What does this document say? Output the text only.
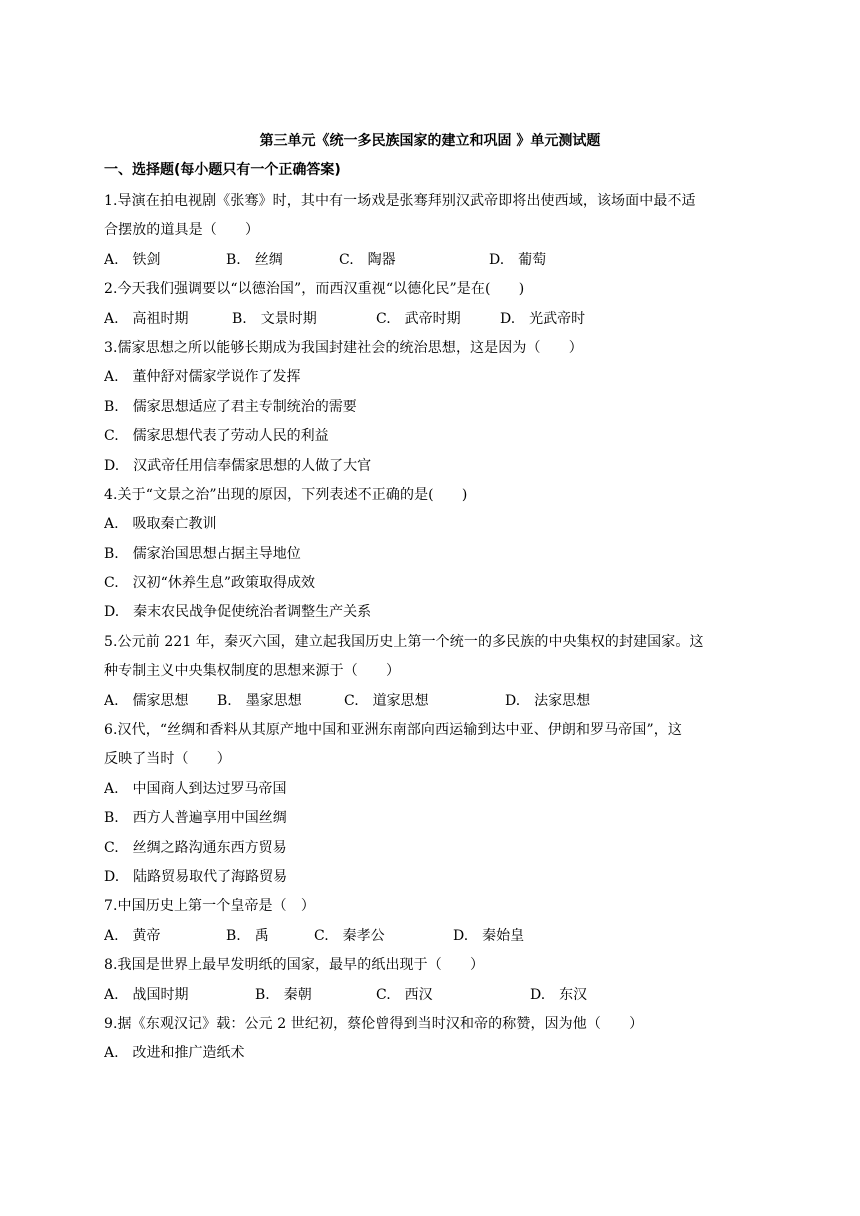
第三单元《统一多民族国家的建立和巩固 》单元测试题
一、选择题(每小题只有一个正确答案)
1.导演在拍电视剧《张骞》时，其中有一场戏是张骞拜别汉武帝即将出使西域，该场面中最不适
合摆放的道具是（　　）
A.　铁剑	B.　丝绸	C.　陶器	D.　葡萄
2.今天我们强调要以“以德治国”，而西汉重视“以德化民”是在(　　)
A.　高祖时期	B.　文景时期	C.　武帝时期	D.　光武帝时
3.儒家思想之所以能够长期成为我国封建社会的统治思想，这是因为（　　）
A.　董仲舒对儒家学说作了发挥
B.　儒家思想适应了君主专制统治的需要
C.　儒家思想代表了劳动人民的利益
D.　汉武帝任用信奉儒家思想的人做了大官
4.关于“文景之治”出现的原因，下列表述不正确的是(　　)
A.　吸取秦亡教训
B.　儒家治国思想占据主导地位
C.　汉初“休养生息”政策取得成效
D.　秦末农民战争促使统治者调整生产关系
5.公元前 221 年，秦灭六国，建立起我国历史上第一个统一的多民族的中央集权的封建国家。这
种专制主义中央集权制度的思想来源于（　　）
A.　儒家思想 B.　墨家思想	C.　道家思想	D.　法家思想
6.汉代，“丝绸和香料从其原产地中国和亚洲东南部向西运输到达中亚、伊朗和罗马帝国”，这
反映了当时（　　）
A.　中国商人到达过罗马帝国
B.　西方人普遍享用中国丝绸
C.　丝绸之路沟通东西方贸易
D.　陆路贸易取代了海路贸易
7.中国历史上第一个皇帝是（　）
A.　黄帝	B.　禹	C.　秦孝公	D.　秦始皇
8.我国是世界上最早发明纸的国家，最早的纸出现于（　　）
A.　战国时期	B.　秦朝	C.　西汉	D.　东汉
9.据《东观汉记》载：公元 2 世纪初，蔡伦曾得到当时汉和帝的称赞，因为他（　　）
A.　改进和推广造纸术
